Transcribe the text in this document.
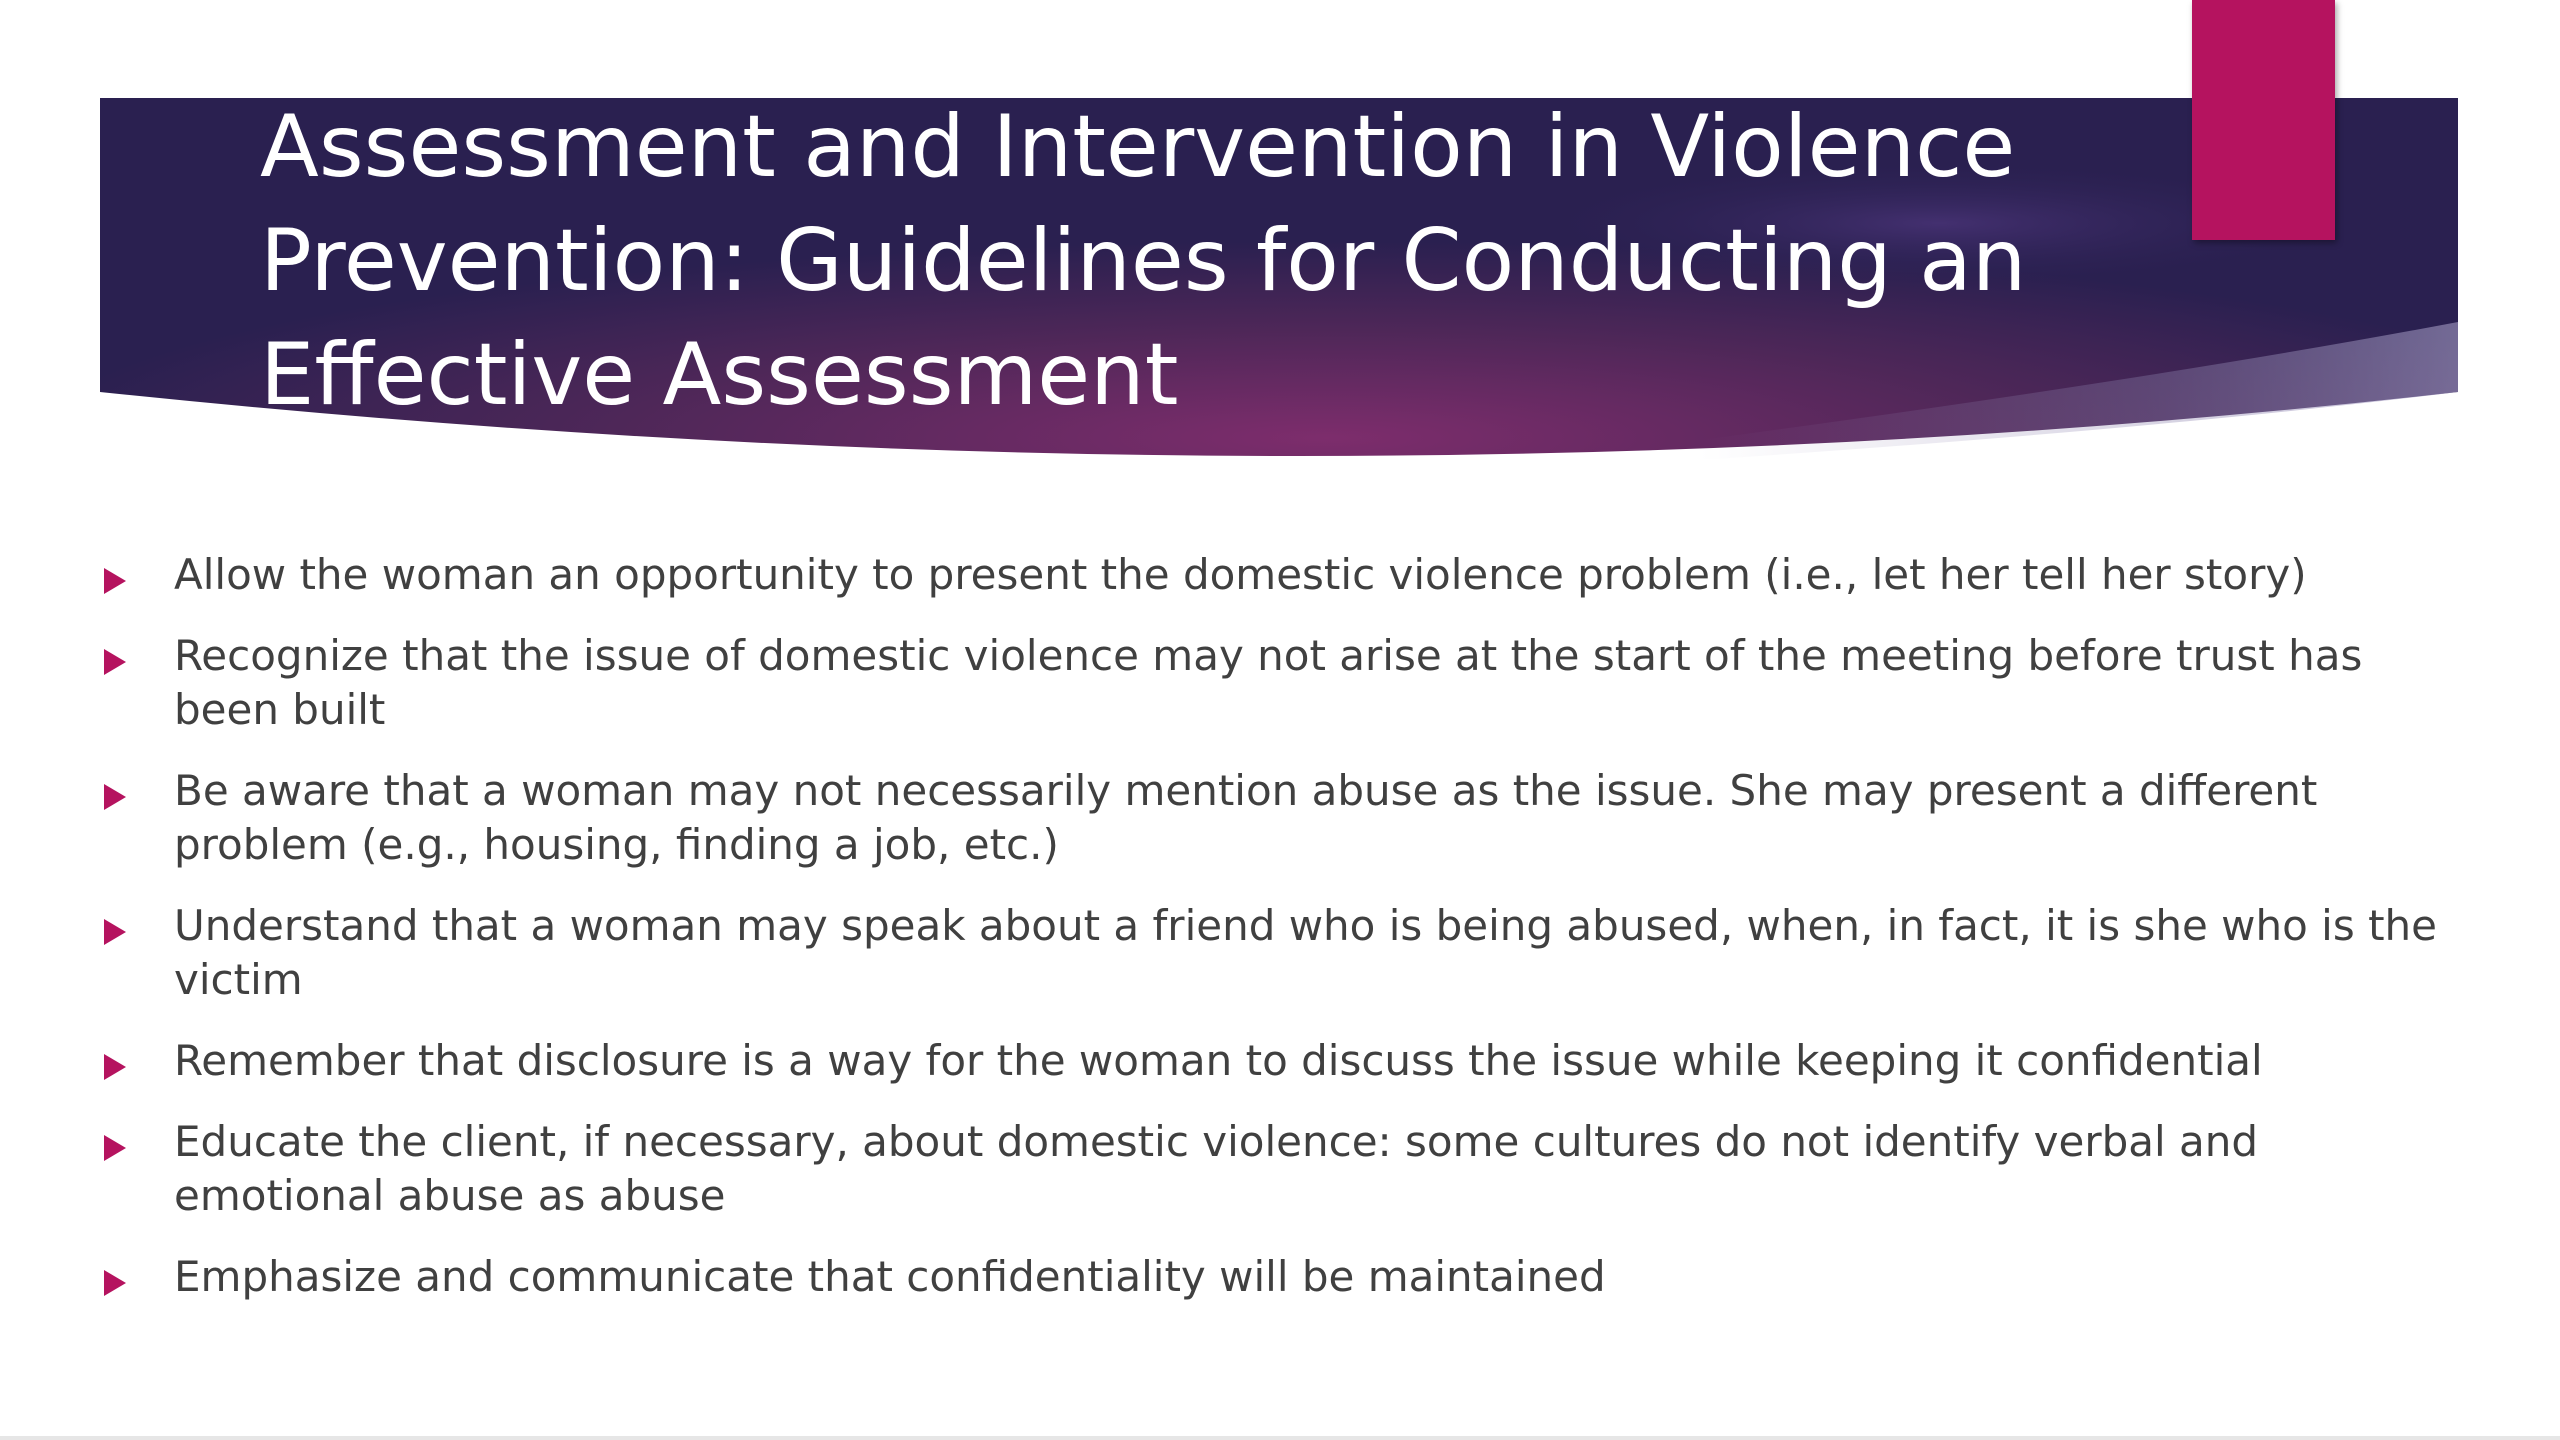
Assessment and Intervention in Violence Prevention: Guidelines for Conducting an Effective Assessment
Allow the woman an opportunity to present the domestic violence problem (i.e., let her tell her story)
Recognize that the issue of domestic violence may not arise at the start of the meeting before trust has been built
Be aware that a woman may not necessarily mention abuse as the issue. She may present a different problem (e.g., housing, finding a job, etc.)
Understand that a woman may speak about a friend who is being abused, when, in fact, it is she who is the victim
Remember that disclosure is a way for the woman to discuss the issue while keeping it confidential
Educate the client, if necessary, about domestic violence: some cultures do not identify verbal and emotional abuse as abuse
Emphasize and communicate that confidentiality will be maintained
